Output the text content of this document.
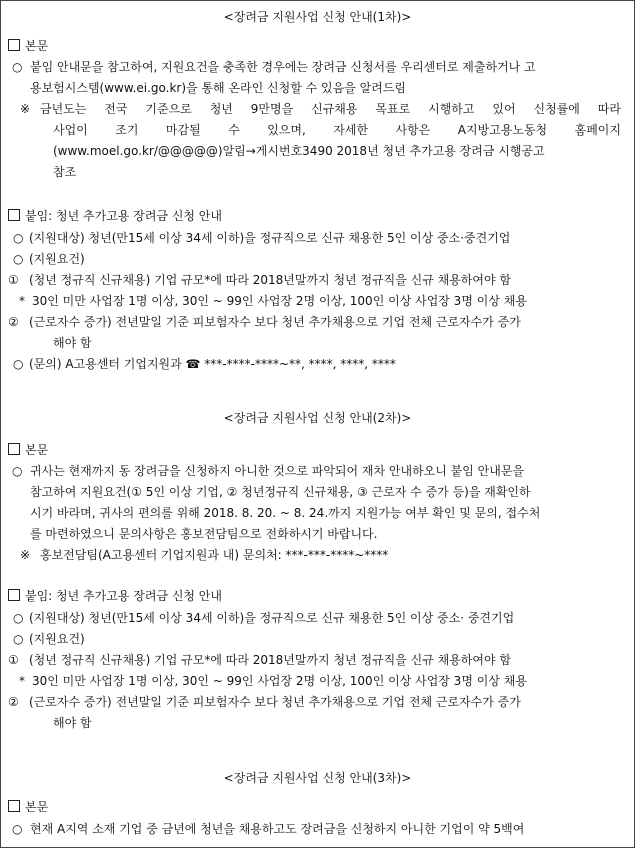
<장려금 지원사업 신청 안내(1차)>
본문
○ 붙임 안내문을 참고하여, 지원요건을 충족한 경우에는 장려금 신청서를 우리센터로 제출하거나 고
용보험시스템(www.ei.go.kr)을 통해 온라인 신청할 수 있음을 알려드림
※ 금년도는 전국 기준으로 청년 9만명을 신규채용 목표로 시행하고 있어 신청률에 따라
사업이 조기 마감될 수 있으며, 자세한 사항은 A지방고용노동청 홈페이지
(www.moel.go.kr/@@@@@)알림→게시번호3490 2018년 청년 추가고용 장려금 시행공고
참조
붙임: 청년 추가고용 장려금 신청 안내
○ (지원대상) 청년(만15세 이상 34세 이하)을 정규직으로 신규 채용한 5인 이상 중소·중견기업
○ (지원요건)
① (청년 정규직 신규채용) 기업 규모*에 따라 2018년말까지 청년 정규직을 신규 채용하여야 함
* 30인 미만 사업장 1명 이상, 30인 ~ 99인 사업장 2명 이상, 100인 이상 사업장 3명 이상 채용
② (근로자수 증가) 전년말일 기준 피보험자수 보다 청년 추가채용으로 기업 전체 근로자수가 증가
해야 함
○ (문의) A고용센터 기업지원과 ☎ ***-****-****~**, ****, ****, ****
<장려금 지원사업 신청 안내(2차)>
본문
○ 귀사는 현재까지 동 장려금을 신청하지 아니한 것으로 파악되어 재차 안내하오니 붙임 안내문을
참고하여 지원요건(① 5인 이상 기업, ② 청년정규직 신규채용, ③ 근로자 수 증가 등)을 재확인하
시기 바라며, 귀사의 편의를 위해 2018. 8. 20. ~ 8. 24.까지 지원가능 여부 확인 및 문의, 접수처
를 마련하였으니 문의사항은 홍보전담팀으로 전화하시기 바랍니다.
※ 홍보전담팀(A고용센터 기업지원과 내) 문의처: ***-***-****~****
붙임: 청년 추가고용 장려금 신청 안내
○ (지원대상) 청년(만15세 이상 34세 이하)을 정규직으로 신규 채용한 5인 이상 중소· 중견기업
○ (지원요건)
① (청년 정규직 신규채용) 기업 규모*에 따라 2018년말까지 청년 정규직을 신규 채용하여야 함
* 30인 미만 사업장 1명 이상, 30인 ~ 99인 사업장 2명 이상, 100인 이상 사업장 3명 이상 채용
② (근로자수 증가) 전년말일 기준 피보험자수 보다 청년 추가채용으로 기업 전체 근로자수가 증가
해야 함
<장려금 지원사업 신청 안내(3차)>
본문
○ 현재 A지역 소재 기업 중 금년에 청년을 채용하고도 장려금을 신청하지 아니한 기업이 약 5백여
